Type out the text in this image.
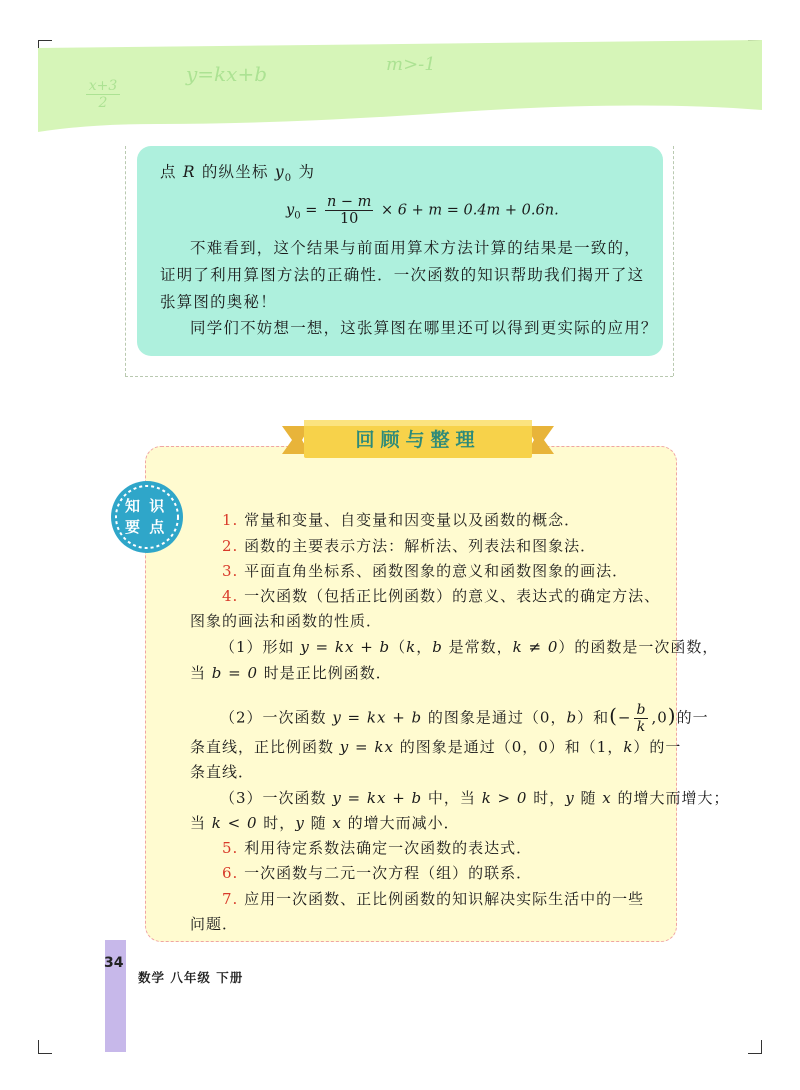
$\frac{x+3}{2}$
y=kx+b	m>-1
点 R 的纵坐标 $y_0$ 为
$y_0 = \frac{n - m}{10} \times 6 + m = 0.4m + 0.6n$.
不难看到，这个结果与前面用算术方法计算的结果是一致的，
证明了利用算图方法的正确性．一次函数的知识帮助我们揭开了这
张算图的奥秘！
同学们不妨想一想，这张算图在哪里还可以得到更实际的应用？
回顾与整理
知 识
要 点	1. 常量和变量、自变量和因变量以及函数的概念．
2. 函数的主要表示方法：解析法、列表法和图象法．
3. 平面直角坐标系、函数图象的意义和函数图象的画法．
4. 一次函数（包括正比例函数）的意义、表达式的确定方法、
图象的画法和函数的性质．
（1）形如 y = kx + b（k，b 是常数，k ≠ 0）的函数是一次函数，
当 b = 0 时是正比例函数．
（2）一次函数 y = kx + b 的图象是通过（0，b）和(− $\frac{b}{k} ,0$)的一
条直线，正比例函数 y = kx 的图象是通过（0，0）和（1，k）的一
条直线．
（3）一次函数 y = kx + b 中，当 k > 0 时，y 随 x 的增大而增大；
当 k < 0 时，y 随 x 的增大而减小．
5. 利用待定系数法确定一次函数的表达式．
6. 一次函数与二元一次方程（组）的联系．
7. 应用一次函数、正比例函数的知识解决实际生活中的一些
问题．
34
数学 八年级 下册
